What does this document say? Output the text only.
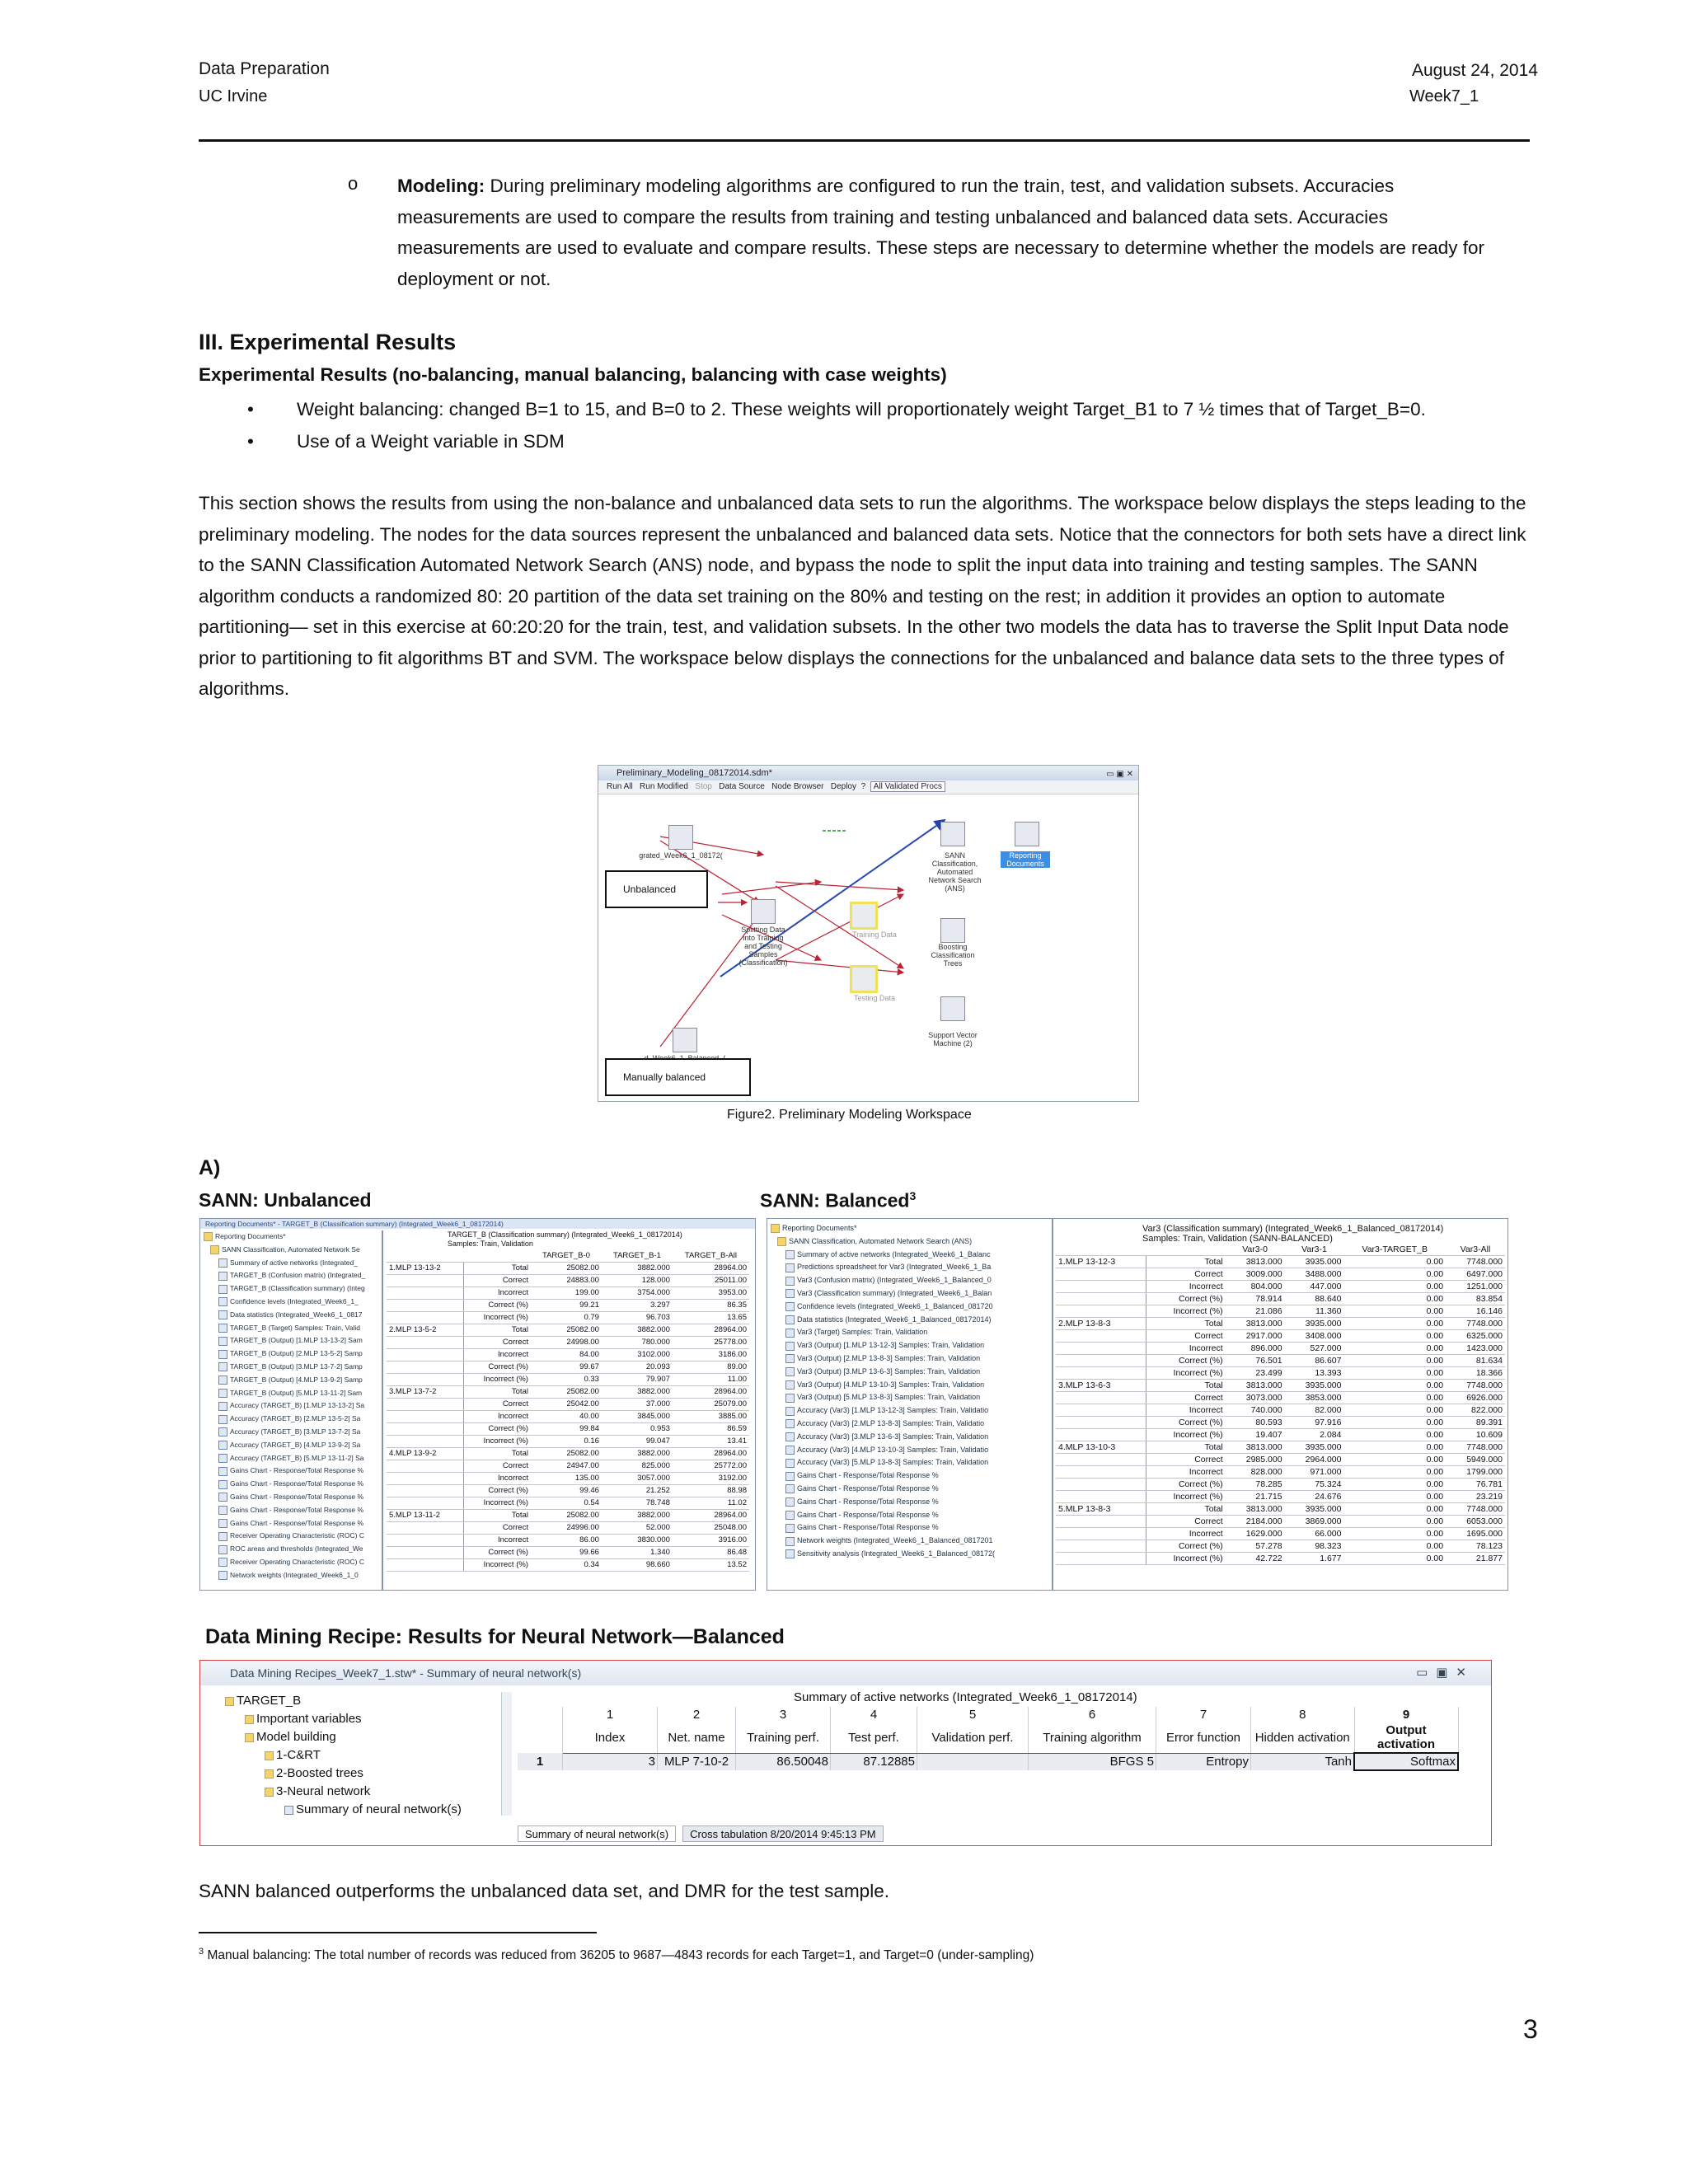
Data Preparation
UC Irvine
August 24, 2014
Week7_1
o Modeling: During preliminary modeling algorithms are configured to run the train, test, and validation subsets. Accuracies measurements are used to compare the results from training and testing unbalanced and balanced data sets. Accuracies measurements are used to evaluate and compare results. These steps are necessary to determine whether the models are ready for deployment or not.
III. Experimental Results
Experimental Results (no-balancing, manual balancing, balancing with case weights)
•	Weight balancing: changed B=1 to 15, and B=0 to 2. These weights will proportionately weight Target_B1 to 7 ½ times that of Target_B=0.
•	Use of a Weight variable in SDM
This section shows the results from using the non-balance and unbalanced data sets to run the algorithms. The workspace below displays the steps leading to the preliminary modeling. The nodes for the data sources represent the unbalanced and balanced data sets. Notice that the connectors for both sets have a direct link to the SANN Classification Automated Network Search (ANS) node, and bypass the node to split the input data into training and testing samples. The SANN algorithm conducts a randomized 80: 20 partition of the data set training on the 80% and testing on the rest; in addition it provides an option to automate partitioning— set in this exercise at 60:20:20 for the train, test, and validation subsets. In the other two models the data has to traverse the Split Input Data node prior to partitioning to fit algorithms BT and SVM. The workspace below displays the connections for the unbalanced and balance data sets to the three types of algorithms.
Preliminary_Modeling_08172014.sdm*	▭ ▣ ✕
Run All Run Modified Stop Data Source Node Browser Deploy ? All Validated Procs
grated_Week6_1_08172(
Splitting Data into Training and Testing Samples (Classification)
Training Data
Testing Data
SANN Classification, Automated Network Search (ANS)
Reporting Documents
Boosting Classification Trees
Support Vector Machine (2)
Unbalanced
Manually balanced
Figure2. Preliminary Modeling Workspace
A)
SANN: Unbalanced	SANN: Balanced$^3$
Reporting Documents* - TARGET_B (Classification summary) (Integrated_Week6_1_08172014)
Reporting Documents*
SANN Classification, Automated Network Se
Summary of active networks (Integrated_
TARGET_B (Confusion matrix) (Integrated_
TARGET_B (Classification summary) (Integ
Confidence levels (Integrated_Week6_1_
Data statistics (Integrated_Week6_1_0817
TARGET_B (Target) Samples: Train, Valid
TARGET_B (Output) [1.MLP 13-13-2] Sam
TARGET_B (Output) [2.MLP 13-5-2] Samp
TARGET_B (Output) [3.MLP 13-7-2] Samp
TARGET_B (Output) [4.MLP 13-9-2] Samp
TARGET_B (Output) [5.MLP 13-11-2] Sam
Accuracy (TARGET_B) [1.MLP 13-13-2] Sa
Accuracy (TARGET_B) [2.MLP 13-5-2] Sa
Accuracy (TARGET_B) [3.MLP 13-7-2] Sa
Accuracy (TARGET_B) [4.MLP 13-9-2] Sa
Accuracy (TARGET_B) [5.MLP 13-11-2] Sa
Gains Chart - Response/Total Response %
Gains Chart - Response/Total Response %
Gains Chart - Response/Total Response %
Gains Chart - Response/Total Response %
Gains Chart - Response/Total Response %
Receiver Operating Characteristic (ROC) C
ROC areas and thresholds (Integrated_We
Receiver Operating Characteristic (ROC) C
Network weights (Integrated_Week6_1_0
TARGET_B (Classification summary) (Integrated_Week6_1_08172014)
Samples: Train, Validation
		TARGET_B-0	TARGET_B-1	TARGET_B-All
1.MLP 13-13-2	Total	25082.00	3882.000	28964.00
	Correct	24883.00	128.000	25011.00
	Incorrect	199.00	3754.000	3953.00
	Correct (%)	99.21	3.297	86.35
	Incorrect (%)	0.79	96.703	13.65
2.MLP 13-5-2	Total	25082.00	3882.000	28964.00
	Correct	24998.00	780.000	25778.00
	Incorrect	84.00	3102.000	3186.00
	Correct (%)	99.67	20.093	89.00
	Incorrect (%)	0.33	79.907	11.00
3.MLP 13-7-2	Total	25082.00	3882.000	28964.00
	Correct	25042.00	37.000	25079.00
	Incorrect	40.00	3845.000	3885.00
	Correct (%)	99.84	0.953	86.59
	Incorrect (%)	0.16	99.047	13.41
4.MLP 13-9-2	Total	25082.00	3882.000	28964.00
	Correct	24947.00	825.000	25772.00
	Incorrect	135.00	3057.000	3192.00
	Correct (%)	99.46	21.252	88.98
	Incorrect (%)	0.54	78.748	11.02
5.MLP 13-11-2	Total	25082.00	3882.000	28964.00
	Correct	24996.00	52.000	25048.00
	Incorrect	86.00	3830.000	3916.00
	Correct (%)	99.66	1.340	86.48
	Incorrect (%)	0.34	98.660	13.52
Reporting Documents*
SANN Classification, Automated Network Search (ANS)
Summary of active networks (Integrated_Week6_1_Balanc
Predictions spreadsheet for Var3 (Integrated_Week6_1_Ba
Var3 (Confusion matrix) (Integrated_Week6_1_Balanced_0
Var3 (Classification summary) (Integrated_Week6_1_Balan
Confidence levels (Integrated_Week6_1_Balanced_081720
Data statistics (Integrated_Week6_1_Balanced_08172014)
Var3 (Target) Samples: Train, Validation
Var3 (Output) [1.MLP 13-12-3] Samples: Train, Validation
Var3 (Output) [2.MLP 13-8-3] Samples: Train, Validation
Var3 (Output) [3.MLP 13-6-3] Samples: Train, Validation
Var3 (Output) [4.MLP 13-10-3] Samples: Train, Validation
Var3 (Output) [5.MLP 13-8-3] Samples: Train, Validation
Accuracy (Var3) [1.MLP 13-12-3] Samples: Train, Validatio
Accuracy (Var3) [2.MLP 13-8-3] Samples: Train, Validatio
Accuracy (Var3) [3.MLP 13-6-3] Samples: Train, Validation
Accuracy (Var3) [4.MLP 13-10-3] Samples: Train, Validatio
Accuracy (Var3) [5.MLP 13-8-3] Samples: Train, Validation
Gains Chart - Response/Total Response %
Gains Chart - Response/Total Response %
Gains Chart - Response/Total Response %
Gains Chart - Response/Total Response %
Gains Chart - Response/Total Response %
Network weights (Integrated_Week6_1_Balanced_0817201
Sensitivity analysis (Integrated_Week6_1_Balanced_08172(
Var3 (Classification summary) (Integrated_Week6_1_Balanced_08172014)
Samples: Train, Validation (SANN-BALANCED)
		Var3-0	Var3-1	Var3-TARGET_B	Var3-All
1.MLP 13-12-3	Total	3813.000	3935.000	0.00	7748.000
	Correct	3009.000	3488.000	0.00	6497.000
	Incorrect	804.000	447.000	0.00	1251.000
	Correct (%)	78.914	88.640	0.00	83.854
	Incorrect (%)	21.086	11.360	0.00	16.146
2.MLP 13-8-3	Total	3813.000	3935.000	0.00	7748.000
	Correct	2917.000	3408.000	0.00	6325.000
	Incorrect	896.000	527.000	0.00	1423.000
	Correct (%)	76.501	86.607	0.00	81.634
	Incorrect (%)	23.499	13.393	0.00	18.366
3.MLP 13-6-3	Total	3813.000	3935.000	0.00	7748.000
	Correct	3073.000	3853.000	0.00	6926.000
	Incorrect	740.000	82.000	0.00	822.000
	Correct (%)	80.593	97.916	0.00	89.391
	Incorrect (%)	19.407	2.084	0.00	10.609
4.MLP 13-10-3	Total	3813.000	3935.000	0.00	7748.000
	Correct	2985.000	2964.000	0.00	5949.000
	Incorrect	828.000	971.000	0.00	1799.000
	Correct (%)	78.285	75.324	0.00	76.781
	Incorrect (%)	21.715	24.676	0.00	23.219
5.MLP 13-8-3	Total	3813.000	3935.000	0.00	7748.000
	Correct	2184.000	3869.000	0.00	6053.000
	Incorrect	1629.000	66.000	0.00	1695.000
	Correct (%)	57.278	98.323	0.00	78.123
	Incorrect (%)	42.722	1.677	0.00	21.877
Data Mining Recipe: Results for Neural Network—Balanced
Data Mining Recipes_Week7_1.stw* - Summary of neural network(s)	▭▣✕
TARGET_B
Important variables
Model building
1-C&RT
2-Boosted trees
3-Neural network
Summary of neural network(s)
Summary of active networks (Integrated_Week6_1_08172014)
	1	2	3	4	5	6	7	8	9
	Index	Net. name	Training perf.	Test perf.	Validation perf.	Training algorithm	Error function	Hidden activation	Output activation
1	3	MLP 7-10-2	86.50048	87.12885		BFGS 5	Entropy	Tanh	Softmax
Summary of neural network(s)	Cross tabulation 8/20/2014 9:45:13 PM
SANN balanced outperforms the unbalanced data set, and DMR for the test sample.
$^3$ Manual balancing: The total number of records was reduced from 36205 to 9687—4843 records for each Target=1, and Target=0 (under-sampling)
3
